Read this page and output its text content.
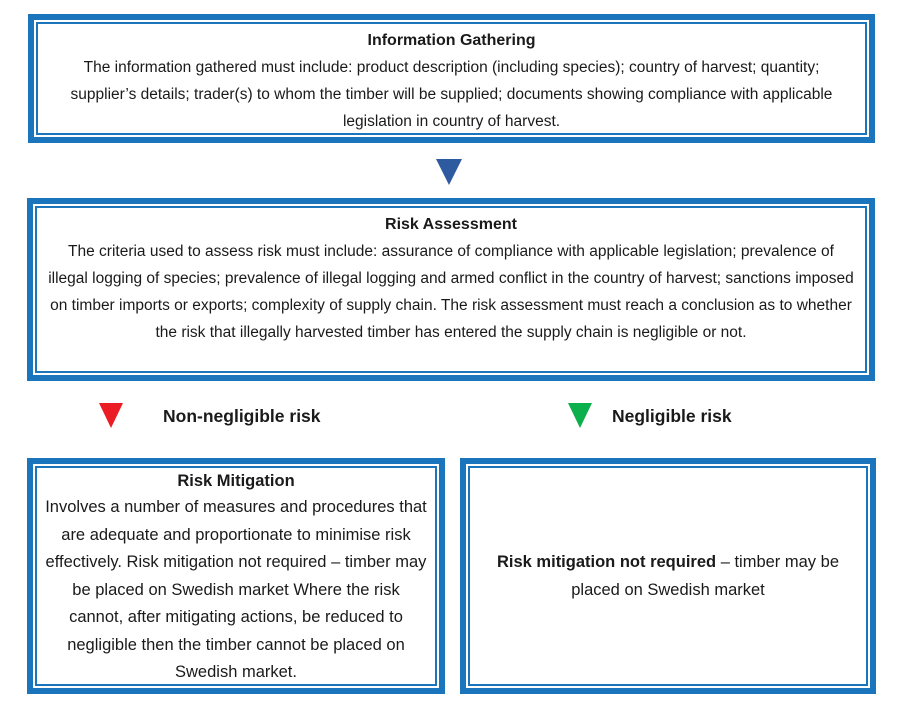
Information Gathering

The information gathered must include: product description (including species); country of harvest; quantity; supplier’s details; trader(s) to whom the timber will be supplied; documents showing compliance with applicable legislation in country of harvest.

Risk Assessment

The criteria used to assess risk must include: assurance of compliance with applicable legislation; prevalence of illegal logging of species; prevalence of illegal logging and armed conflict in the country of harvest; sanctions imposed on timber imports or exports; complexity of supply chain. The risk assessment must reach a conclusion as to whether the risk that illegally harvested timber has entered the supply chain is negligible or not.

Non-negligible risk	Negligible risk
Risk Mitigation

Involves a number of measures and procedures that are adequate and proportionate to minimise risk effectively. Risk mitigation not required – timber may be placed on Swedish market Where the risk cannot, after mitigating actions, be reduced to negligible then the timber cannot be placed on Swedish market.

Risk mitigation not required – timber may be placed on Swedish market
